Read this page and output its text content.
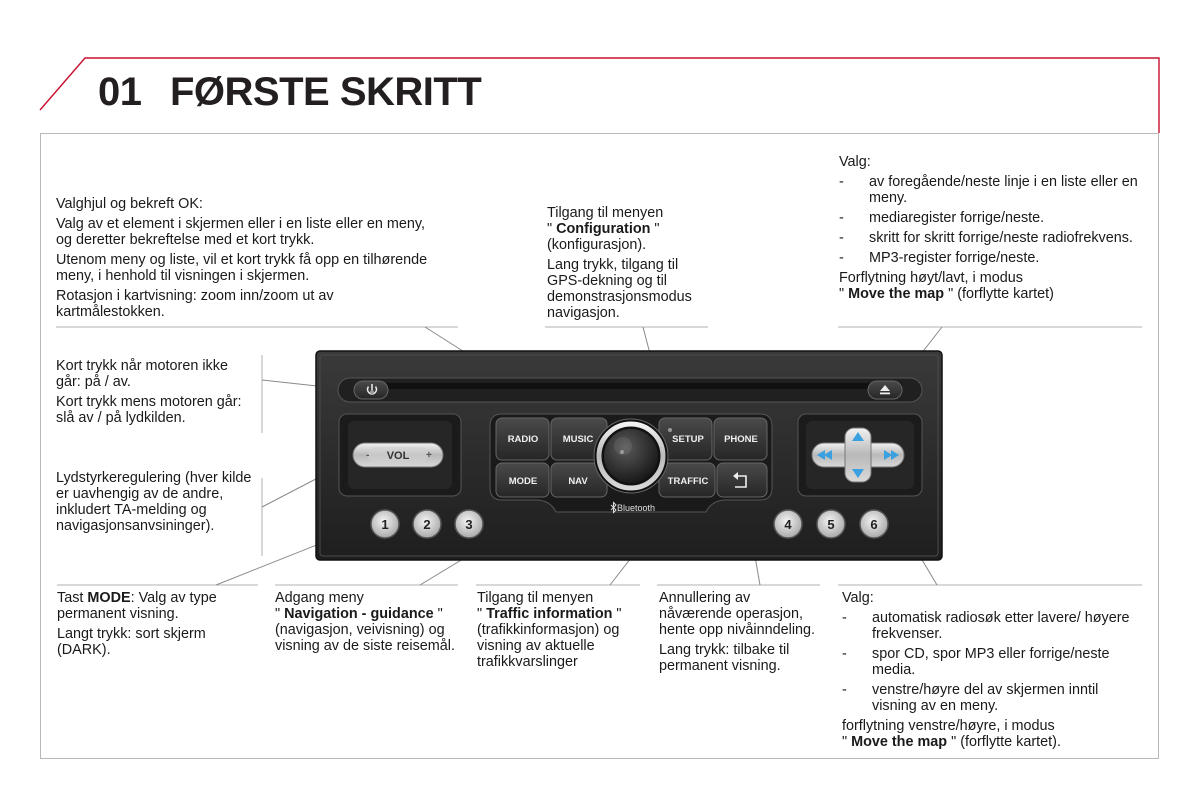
01 FØRSTE SKRITT

Valghjul og bekreft OK:

Valg av et element i skjermen eller i en liste eller en meny, og deretter bekreftelse med et kort trykk.

Utenom meny og liste, vil et kort trykk få opp en tilhørende meny, i henhold til visningen i skjermen.

Rotasjon i kartvisning: zoom inn/zoom ut av kartmålestokken.

Tilgang til menyen
" Configuration "
(konfigurasjon).

Lang trykk, tilgang til GPS-dekning og til demonstrasjonsmodus navigasjon.

Valg:

-	av foregående/neste linje i en liste eller en meny.
-	mediaregister forrige/neste.
-	skritt for skritt forrige/neste radiofrekvens.
-	MP3-register forrige/neste.

Forflytning høyt/lavt, i modus
" Move the map " (forflytte kartet)

Kort trykk når motoren ikke går: på / av.

Kort trykk mens motoren går: slå av / på lydkilden.

Lydstyrkeregulering (hver kilde er uavhengig av de andre, inkludert TA-melding og navigasjonsanvsininger).

Tast MODE: Valg av type permanent visning.

Langt trykk: sort skjerm (DARK).

Adgang meny
" Navigation - guidance "
(navigasjon, veivisning) og visning av de siste reisemål.

Tilgang til menyen
" Traffic information "
(trafikkinformasjon) og visning av aktuelle trafikkvarslinger

Annullering av nåværende operasjon, hente opp nivåinndeling.

Lang trykk: tilbake til permanent visning.

Valg:

-	automatisk radiosøk etter lavere/ høyere frekvenser.
-	spor CD, spor MP3 eller forrige/neste media.
-	venstre/høyre del av skjermen inntil visning av en meny.

forflytning venstre/høyre, i modus
" Move the map " (forflytte kartet).

- VOL +
RADIO	MUSIC	SETUP PHONE
MODE	NAV	TRAFFIC
Bluetooth
1	2	3	4	5	6
